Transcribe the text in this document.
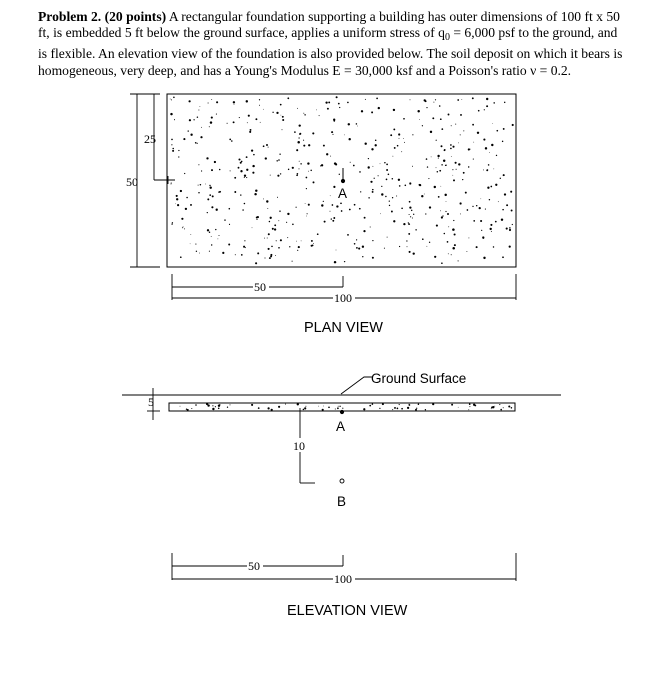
Problem 2. (20 points) A rectangular foundation supporting a building has outer dimensions of 100 ft x 50 ft, is embedded 5 ft below the ground surface, applies a uniform stress of $q_0 = 6,000$ psf to the ground, and is flexible. An elevation view of the foundation is also provided below. The soil deposit on which it bears is homogeneous, very deep, and has a Young's Modulus E = 30,000 ksf and a Poisson's ratio ν = 0.2.
25
50
50
100
A
PLAN VIEW
Ground Surface
5
10
A
B
50
100
ELEVATION VIEW
